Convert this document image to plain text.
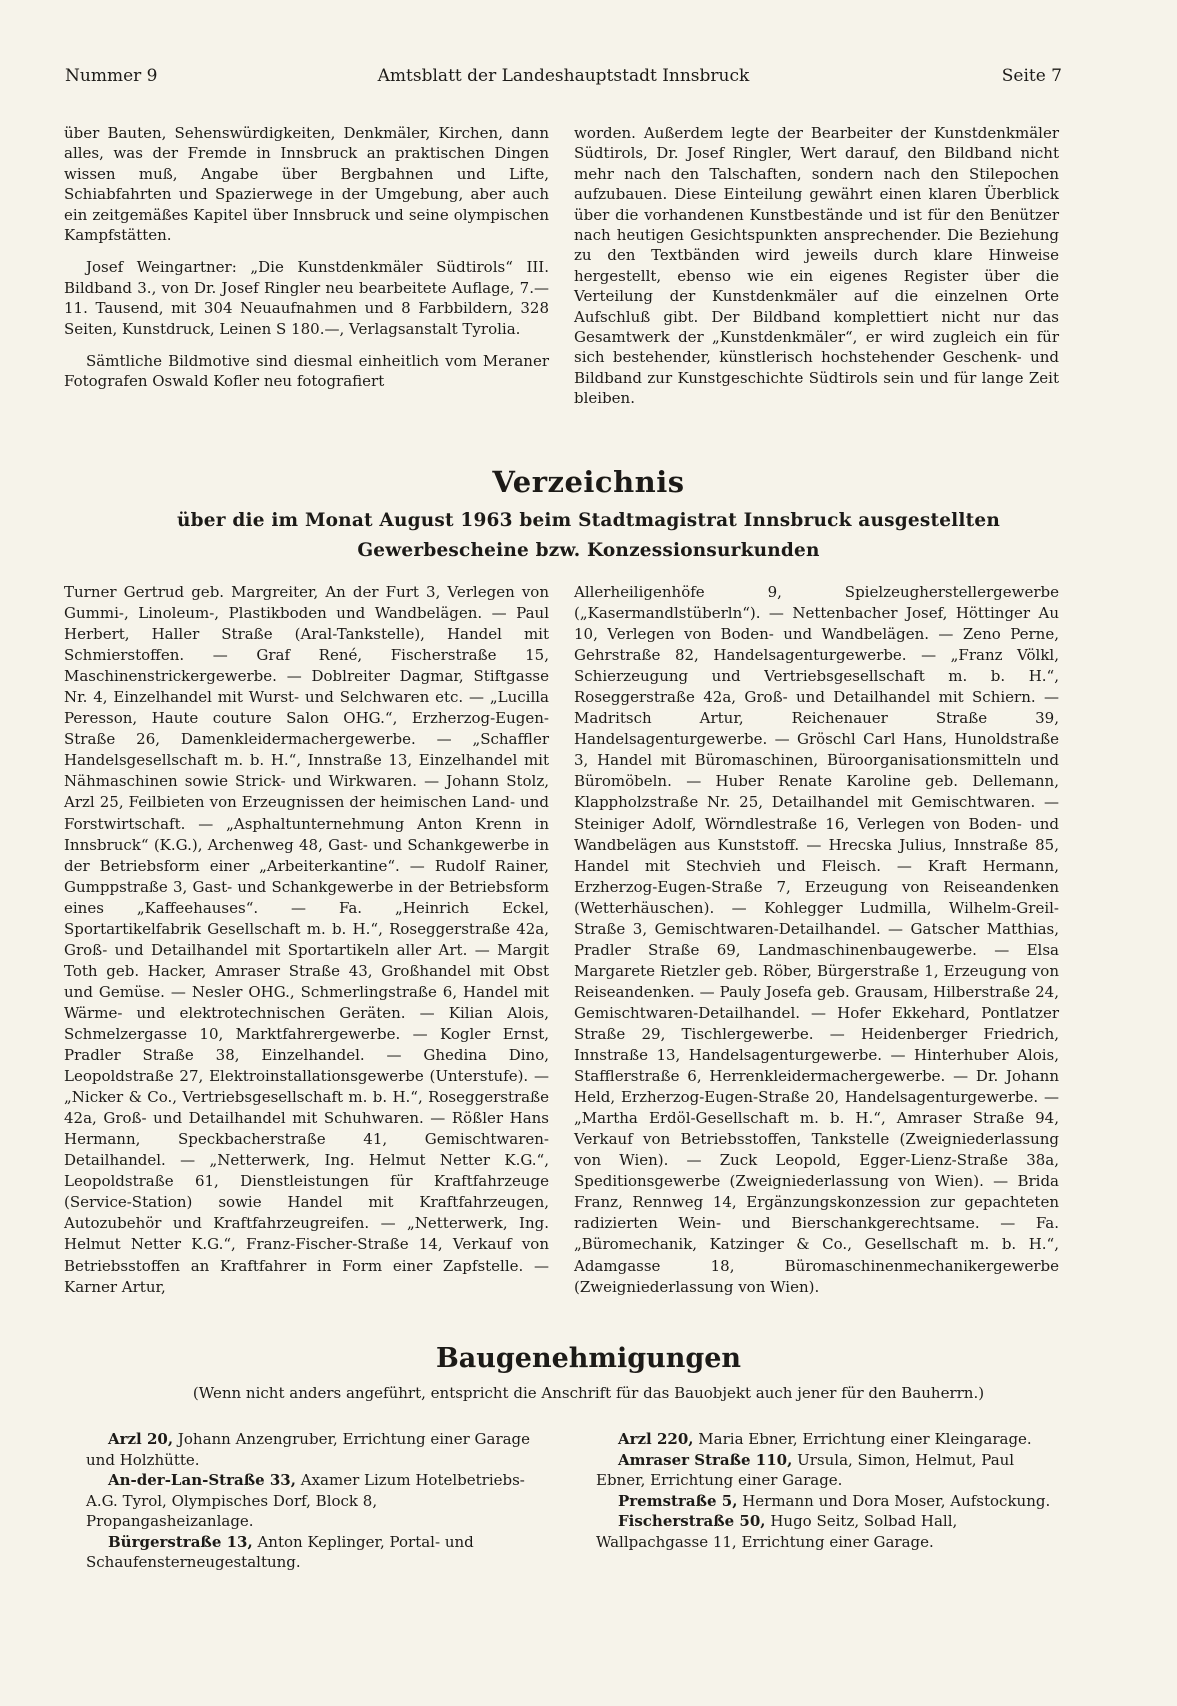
Nummer 9	Amtsblatt der Landeshauptstadt Innsbruck	Seite 7

über Bauten, Sehenswürdigkeiten, Denkmäler, Kirchen, dann alles, was der Fremde in Innsbruck an praktischen Dingen wissen muß, Angabe über Bergbahnen und Lifte, Schiabfahrten und Spazierwege in der Umgebung, aber auch ein zeitgemäßes Kapitel über Innsbruck und seine olympischen Kampfstätten.

Josef Weingartner: „Die Kunstdenkmäler Südtirols“ III. Bildband 3., von Dr. Josef Ringler neu bearbeitete Auflage, 7.—11. Tausend, mit 304 Neuaufnahmen und 8 Farbbildern, 328 Seiten, Kunstdruck, Leinen S 180.—, Verlagsanstalt Tyrolia.

Sämtliche Bildmotive sind diesmal einheitlich vom Meraner Fotografen Oswald Kofler neu fotografiert

worden. Außerdem legte der Bearbeiter der Kunstdenkmäler Südtirols, Dr. Josef Ringler, Wert darauf, den Bildband nicht mehr nach den Talschaften, sondern nach den Stilepochen aufzubauen. Diese Einteilung gewährt einen klaren Überblick über die vorhandenen Kunstbestände und ist für den Benützer nach heutigen Gesichtspunkten ansprechender. Die Beziehung zu den Textbänden wird jeweils durch klare Hinweise hergestellt, ebenso wie ein eigenes Register über die Verteilung der Kunstdenkmäler auf die einzelnen Orte Aufschluß gibt. Der Bildband komplettiert nicht nur das Gesamtwerk der „Kunstdenkmäler“, er wird zugleich ein für sich bestehender, künstlerisch hochstehender Geschenk- und Bildband zur Kunstgeschichte Südtirols sein und für lange Zeit bleiben.

Verzeichnis
über die im Monat August 1963 beim Stadtmagistrat Innsbruck ausgestellten
Gewerbescheine bzw. Konzessionsurkunden

Turner Gertrud geb. Margreiter, An der Furt 3, Verlegen von Gummi-, Linoleum-, Plastikboden und Wandbelägen. — Paul Herbert, Haller Straße (Aral-Tankstelle), Handel mit Schmierstoffen. — Graf René, Fischerstraße 15, Maschinenstrickergewerbe. — Doblreiter Dagmar, Stiftgasse Nr. 4, Einzelhandel mit Wurst- und Selchwaren etc. — „Lucilla Peresson, Haute couture Salon OHG.“, Erzherzog-Eugen-Straße 26, Damenkleidermachergewerbe. — „Schaffler Handelsgesellschaft m. b. H.“, Innstraße 13, Einzelhandel mit Nähmaschinen sowie Strick- und Wirkwaren. — Johann Stolz, Arzl 25, Feilbieten von Erzeugnissen der heimischen Land- und Forstwirtschaft. — „Asphaltunternehmung Anton Krenn in Innsbruck“ (K.G.), Archenweg 48, Gast- und Schankgewerbe in der Betriebsform einer „Arbeiterkantine“. — Rudolf Rainer, Gumppstraße 3, Gast- und Schankgewerbe in der Betriebsform eines „Kaffeehauses“. — Fa. „Heinrich Eckel, Sportartikelfabrik Gesellschaft m. b. H.“, Roseggerstraße 42a, Groß- und Detailhandel mit Sportartikeln aller Art. — Margit Toth geb. Hacker, Amraser Straße 43, Großhandel mit Obst und Gemüse. — Nesler OHG., Schmerlingstraße 6, Handel mit Wärme- und elektrotechnischen Geräten. — Kilian Alois, Schmelzergasse 10, Marktfahrergewerbe. — Kogler Ernst, Pradler Straße 38, Einzelhandel. — Ghedina Dino, Leopoldstraße 27, Elektroinstallationsgewerbe (Unterstufe). — „Nicker & Co., Vertriebsgesellschaft m. b. H.“, Roseggerstraße 42a, Groß- und Detailhandel mit Schuhwaren. — Rößler Hans Hermann, Speckbacherstraße 41, Gemischtwaren-Detailhandel. — „Netterwerk, Ing. Helmut Netter K.G.“, Leopoldstraße 61, Dienstleistungen für Kraftfahrzeuge (Service-Station) sowie Handel mit Kraftfahrzeugen, Autozubehör und Kraftfahrzeugreifen. — „Netterwerk, Ing. Helmut Netter K.G.“, Franz-Fischer-Straße 14, Verkauf von Betriebsstoffen an Kraftfahrer in Form einer Zapfstelle. — Karner Artur,

Allerheiligenhöfe 9, Spielzeugherstellergewerbe („Kasermandlstüberln“). — Nettenbacher Josef, Höttinger Au 10, Verlegen von Boden- und Wandbelägen. — Zeno Perne, Gehrstraße 82, Handelsagenturgewerbe. — „Franz Völkl, Schierzeugung und Vertriebsgesellschaft m. b. H.“, Roseggerstraße 42a, Groß- und Detailhandel mit Schiern. — Madritsch Artur, Reichenauer Straße 39, Handelsagenturgewerbe. — Gröschl Carl Hans, Hunoldstraße 3, Handel mit Büromaschinen, Büroorganisationsmitteln und Büromöbeln. — Huber Renate Karoline geb. Dellemann, Klappholzstraße Nr. 25, Detailhandel mit Gemischtwaren. — Steiniger Adolf, Wörndlestraße 16, Verlegen von Boden- und Wandbelägen aus Kunststoff. — Hrecska Julius, Innstraße 85, Handel mit Stechvieh und Fleisch. — Kraft Hermann, Erzherzog-Eugen-Straße 7, Erzeugung von Reiseandenken (Wetterhäuschen). — Kohlegger Ludmilla, Wilhelm-Greil-Straße 3, Gemischtwaren-Detailhandel. — Gatscher Matthias, Pradler Straße 69, Landmaschinenbaugewerbe. — Elsa Margarete Rietzler geb. Röber, Bürgerstraße 1, Erzeugung von Reiseandenken. — Pauly Josefa geb. Grausam, Hilberstraße 24, Gemischtwaren-Detailhandel. — Hofer Ekkehard, Pontlatzer Straße 29, Tischlergewerbe. — Heidenberger Friedrich, Innstraße 13, Handelsagenturgewerbe. — Hinterhuber Alois, Stafflerstraße 6, Herrenkleidermachergewerbe. — Dr. Johann Held, Erzherzog-Eugen-Straße 20, Handelsagenturgewerbe. — „Martha Erdöl-Gesellschaft m. b. H.“, Amraser Straße 94, Verkauf von Betriebsstoffen, Tankstelle (Zweigniederlassung von Wien). — Zuck Leopold, Egger-Lienz-Straße 38a, Speditionsgewerbe (Zweigniederlassung von Wien). — Brida Franz, Rennweg 14, Ergänzungskonzession zur gepachteten radizierten Wein- und Bierschankgerechtsame. — Fa. „Büromechanik, Katzinger & Co., Gesellschaft m. b. H.“, Adamgasse 18, Büromaschinenmechanikergewerbe (Zweigniederlassung von Wien).

Baugenehmigungen
(Wenn nicht anders angeführt, entspricht die Anschrift für das Bauobjekt auch jener für den Bauherrn.)

Arzl 20, Johann Anzengruber, Errichtung einer Garage und Holzhütte.

An-der-Lan-Straße 33, Axamer Lizum Hotelbetriebs-A.G. Tyrol, Olympisches Dorf, Block 8, Propangasheizanlage.

Bürgerstraße 13, Anton Keplinger, Portal- und Schaufensterneugestaltung.

Arzl 220, Maria Ebner, Errichtung einer Kleingarage.

Amraser Straße 110, Ursula, Simon, Helmut, Paul Ebner, Errichtung einer Garage.

Premstraße 5, Hermann und Dora Moser, Aufstockung.

Fischerstraße 50, Hugo Seitz, Solbad Hall, Wallpachgasse 11, Errichtung einer Garage.
